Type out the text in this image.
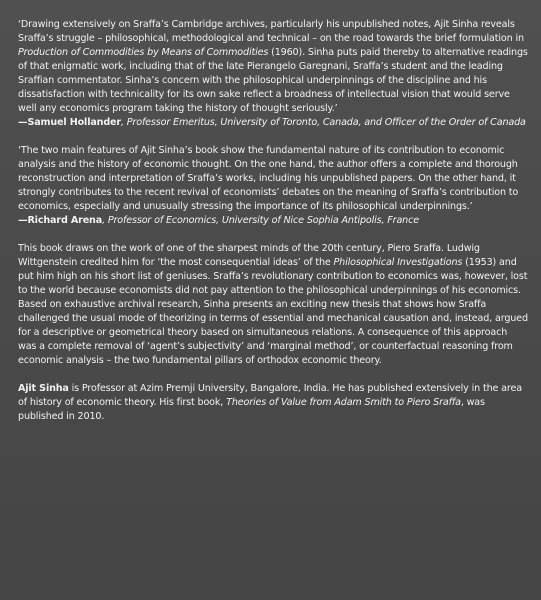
‘Drawing extensively on Sraffa’s Cambridge archives, particularly his unpublished notes, Ajit Sinha reveals Sraffa’s struggle – philosophical, methodological and technical – on the road towards the brief formulation in Production of Commodities by Means of Commodities (1960). Sinha puts paid thereby to alternative readings of that enigmatic work, including that of the late Pierangelo Garegnani, Sraffa’s student and the leading Sraffian commentator. Sinha’s concern with the philosophical underpinnings of the discipline and his dissatisfaction with technicality for its own sake reflect a broadness of intellectual vision that would serve well any economics program taking the history of thought seriously.’

—Samuel Hollander, Professor Emeritus, University of Toronto, Canada, and Officer of the Order of Canada

‘The two main features of Ajit Sinha’s book show the fundamental nature of its contribution to economic analysis and the history of economic thought. On the one hand, the author offers a complete and thorough reconstruction and interpretation of Sraffa’s works, including his unpublished papers. On the other hand, it strongly contributes to the recent revival of economists’ debates on the meaning of Sraffa’s contribution to economics, especially and unusually stressing the importance of its philosophical underpinnings.’

—Richard Arena, Professor of Economics, University of Nice Sophia Antipolis, France

This book draws on the work of one of the sharpest minds of the 20th century, Piero Sraffa. Ludwig Wittgenstein credited him for ‘the most consequential ideas’ of the Philosophical Investigations (1953) and put him high on his short list of geniuses. Sraffa’s revolutionary contribution to economics was, however, lost to the world because economists did not pay attention to the philosophical underpinnings of his economics. Based on exhaustive archival research, Sinha presents an exciting new thesis that shows how Sraffa challenged the usual mode of theorizing in terms of essential and mechanical causation and, instead, argued for a descriptive or geometrical theory based on simultaneous relations. A consequence of this approach was a complete removal of ‘agent’s subjectivity’ and ‘marginal method’, or counterfactual reasoning from economic analysis – the two fundamental pillars of orthodox economic theory.

Ajit Sinha is Professor at Azim Premji University, Bangalore, India. He has published extensively in the area of history of economic theory. His first book, Theories of Value from Adam Smith to Piero Sraffa, was published in 2010.
